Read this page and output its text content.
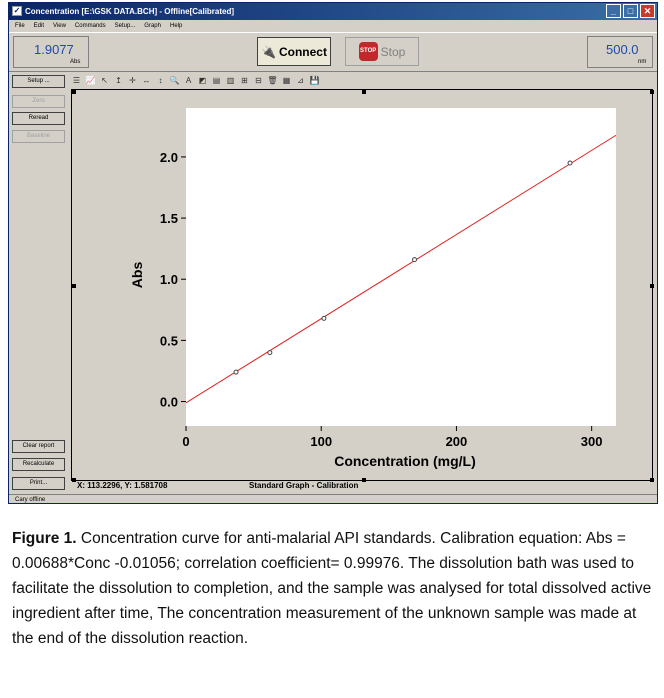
✓ Concentration [E:\GSK DATA.BCH] - Offline[Calibrated]	_	□	✕
File Edit View Commands Setup... Graph Help
1.9077
Abs
🔌 Connect	STOP Stop	500.0
nm
Setup ...
Zero
Reread
Baseline
Clear report
Recalculate
Print...
☰ 📈 ↖ ↥ ✛ ↔	↕ 🔍 A ◩ ▤ ▥ ⊞ ⊟ 🗑 ▦ ⊿ 💾
0.0
0.5
1.0
1.5
2.0
0	100	200	300
Concentration (mg/L)
Abs
X: 113.2296, Y: 1.581708	Standard Graph - Calibration
Cary offline
Figure 1. Concentration curve for anti-malarial API standards. Calibration equation: Abs = 0.00688*Conc -0.01056; correlation coefficient= 0.99976. The dissolution bath was used to facilitate the dissolution to completion, and the sample was analysed for total dissolved active ingredient after time, The concentration measurement of the unknown sample was made at the end of the dissolution reaction.
